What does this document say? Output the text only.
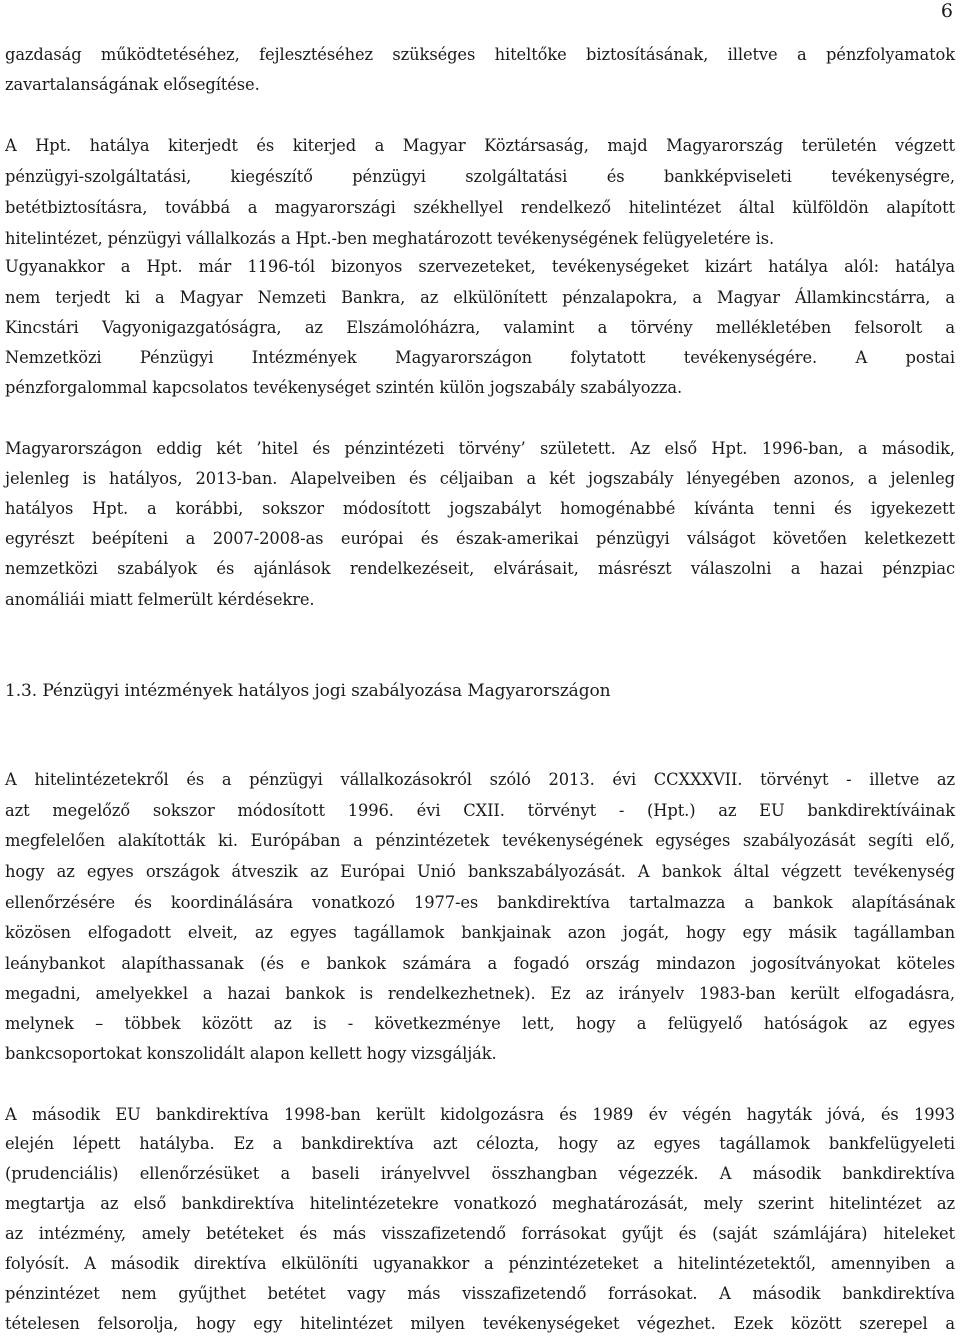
6
gazdaság működtetéséhez, fejlesztéséhez szükséges hiteltőke biztosításának, illetve a pénzfolyamatok
zavartalanságának elősegítése.
A Hpt. hatálya kiterjedt és kiterjed a Magyar Köztársaság, majd Magyarország területén végzett
pénzügyi-szolgáltatási, kiegészítő pénzügyi szolgáltatási és bankképviseleti tevékenységre,
betétbiztosításra, továbbá a magyarországi székhellyel rendelkező hitelintézet által külföldön alapított
hitelintézet, pénzügyi vállalkozás a Hpt.-ben meghatározott tevékenységének felügyeletére is.
Ugyanakkor a Hpt. már 1196-tól bizonyos szervezeteket, tevékenységeket kizárt hatálya alól: hatálya
nem terjedt ki a Magyar Nemzeti Bankra, az elkülönített pénzalapokra, a Magyar Államkincstárra, a
Kincstári Vagyonigazgatóságra, az Elszámolóházra, valamint a törvény mellékletében felsorolt a
Nemzetközi Pénzügyi Intézmények Magyarországon folytatott tevékenységére. A postai
pénzforgalommal kapcsolatos tevékenységet szintén külön jogszabály szabályozza.
Magyarországon eddig két ’hitel és pénzintézeti törvény’ született. Az első Hpt. 1996-ban, a második,
jelenleg is hatályos, 2013-ban. Alapelveiben és céljaiban a két jogszabály lényegében azonos, a jelenleg
hatályos Hpt. a korábbi, sokszor módosított jogszabályt homogénabbé kívánta tenni és igyekezett
egyrészt beépíteni a 2007-2008-as európai és észak-amerikai pénzügyi válságot követően keletkezett
nemzetközi szabályok és ajánlások rendelkezéseit, elvárásait, másrészt válaszolni a hazai pénzpiac
anomáliái miatt felmerült kérdésekre.
1.3. Pénzügyi intézmények hatályos jogi szabályozása Magyarországon
A hitelintézetekről és a pénzügyi vállalkozásokról szóló 2013. évi CCXXXVII. törvényt - illetve az
azt megelőző sokszor módosított 1996. évi CXII. törvényt - (Hpt.) az EU bankdirektíváinak
megfelelően alakították ki. Európában a pénzintézetek tevékenységének egységes szabályozását segíti elő,
hogy az egyes országok átveszik az Európai Unió bankszabályozását. A bankok által végzett tevékenység
ellenőrzésére és koordinálására vonatkozó 1977-es bankdirektíva tartalmazza a bankok alapításának
közösen elfogadott elveit, az egyes tagállamok bankjainak azon jogát, hogy egy másik tagállamban
leánybankot alapíthassanak (és e bankok számára a fogadó ország mindazon jogosítványokat köteles
megadni, amelyekkel a hazai bankok is rendelkezhetnek). Ez az irányelv 1983-ban került elfogadásra,
melynek – többek között az is - következménye lett, hogy a felügyelő hatóságok az egyes
bankcsoportokat konszolidált alapon kellett hogy vizsgálják.
A második EU bankdirektíva 1998-ban került kidolgozásra és 1989 év végén hagyták jóvá, és 1993
elején lépett hatályba. Ez a bankdirektíva azt célozta, hogy az egyes tagállamok bankfelügyeleti
(prudenciális) ellenőrzésüket a baseli irányelvvel összhangban végezzék. A második bankdirektíva
megtartja az első bankdirektíva hitelintézetekre vonatkozó meghatározását, mely szerint hitelintézet az
az intézmény, amely betéteket és más visszafizetendő forrásokat gyűjt és (saját számlájára) hiteleket
folyósít. A második direktíva elkülöníti ugyanakkor a pénzintézeteket a hitelintézetektől, amennyiben a
pénzintézet nem gyűjthet betétet vagy más visszafizetendő forrásokat. A második bankdirektíva
tételesen felsorolja, hogy egy hitelintézet milyen tevékenységeket végezhet. Ezek között szerepel a
